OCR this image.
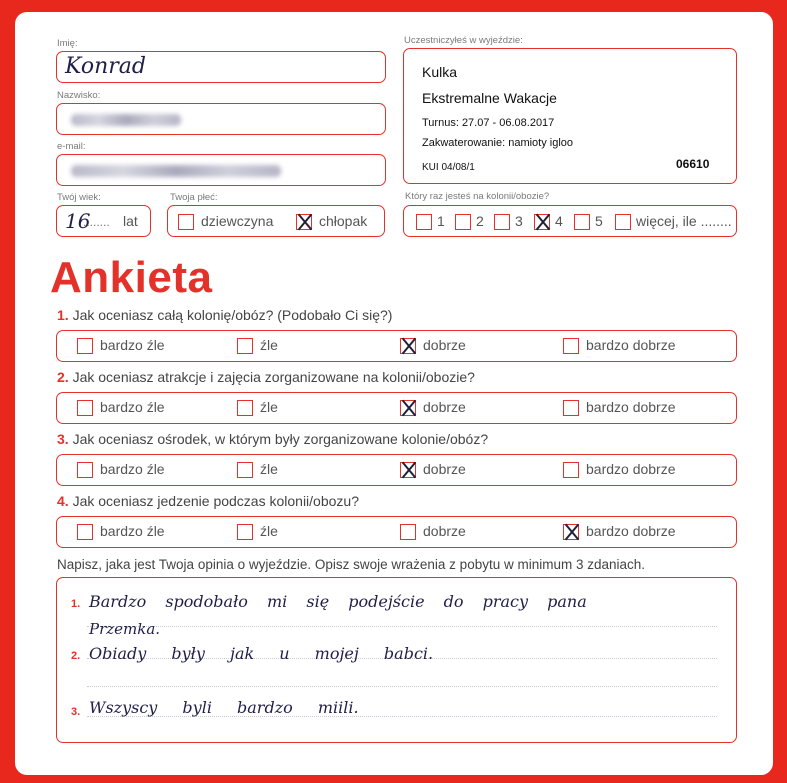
Imię:
Konrad
Nazwisko:
e-mail:
Twój wiek:
16
........ lat
Twoja płeć:
dziewczyna	chłopak
Uczestniczyłeś w wyjeździe:
Kulka
Ekstremalne Wakacje
Turnus: 27.07 - 06.08.2017
Zakwaterowanie: namioty igloo
KUI 04/08/1	06610
Który raz jesteś na kolonii/obozie?
1 2 3 4 5 więcej, ile ........
Ankieta
1. Jak oceniasz całą kolonię/obóz? (Podobało Ci się?)
bardzo źle	źle	dobrze	bardzo dobrze
2. Jak oceniasz atrakcje i zajęcia zorganizowane na kolonii/obozie?
bardzo źle	źle	dobrze	bardzo dobrze
3. Jak oceniasz ośrodek, w którym były zorganizowane kolonie/obóz?
bardzo źle	źle	dobrze	bardzo dobrze
4. Jak oceniasz jedzenie podczas kolonii/obozu?
bardzo źle	źle	dobrze	bardzo dobrze
Napisz, jaka jest Twoja opinia o wyjeździe. Opisz swoje wrażenia z pobytu w minimum 3 zdaniach.
1. Bardzo spodobało mi się podejście do pracy pana
Przemka.
2. Obiady były jak u mojej babci.
3. Wszyscy byli bardzo miili.
